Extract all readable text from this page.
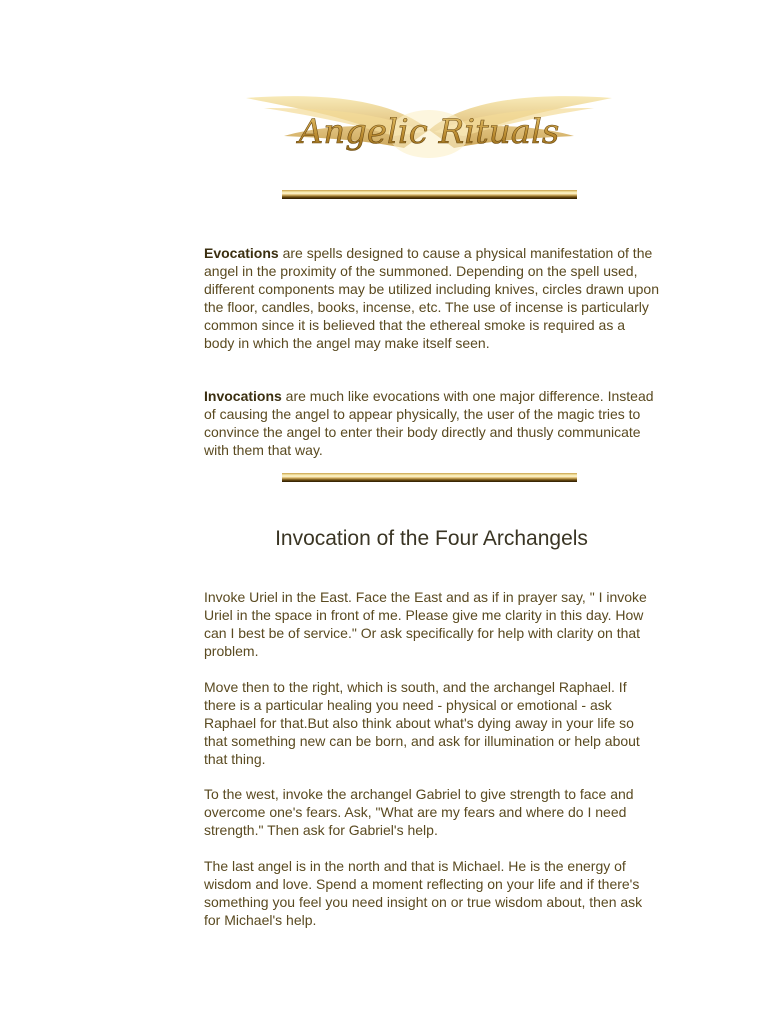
Angelic Rituals

Evocations are spells designed to cause a physical manifestation of the angel in the proximity of the summoned. Depending on the spell used, different components may be utilized including knives, circles drawn upon the floor, candles, books, incense, etc. The use of incense is particularly common since it is believed that the ethereal smoke is required as a body in which the angel may make itself seen.

Invocations are much like evocations with one major difference. Instead of causing the angel to appear physically, the user of the magic tries to convince the angel to enter their body directly and thusly communicate with them that way.

Invocation of the Four Archangels

Invoke Uriel in the East. Face the East and as if in prayer say, " I invoke Uriel in the space in front of me. Please give me clarity in this day. How can I best be of service." Or ask specifically for help with clarity on that problem.

Move then to the right, which is south, and the archangel Raphael. If there is a particular healing you need - physical or emotional - ask Raphael for that.But also think about what's dying away in your life so that something new can be born, and ask for illumination or help about that thing.

To the west, invoke the archangel Gabriel to give strength to face and overcome one's fears. Ask, "What are my fears and where do I need strength." Then ask for Gabriel's help.

The last angel is in the north and that is Michael. He is the energy of wisdom and love. Spend a moment reflecting on your life and if there's something you feel you need insight on or true wisdom about, then ask for Michael's help.
